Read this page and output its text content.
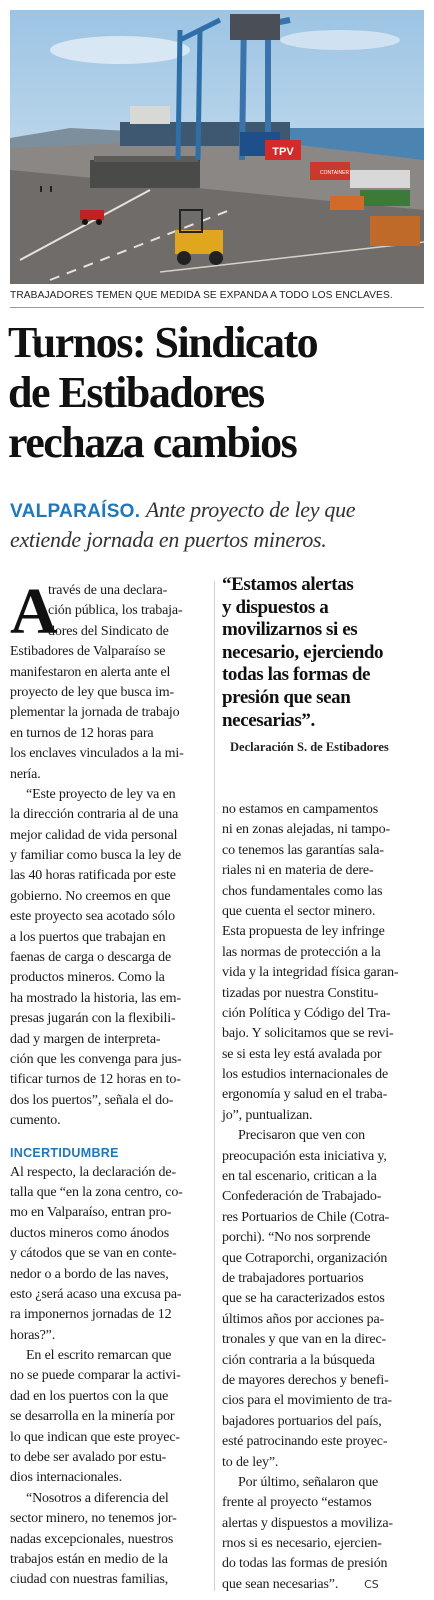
TPV
CONTAINER
TRABAJADORES TEMEN QUE MEDIDA SE EXPANDA A TODO LOS ENCLAVES.
Turnos: Sindicato
de Estibadores
rechaza cambios
VALPARAÍSO. Ante proyecto de ley que
extiende jornada en puertos mineros.
A
través de una declara-
ción pública, los trabaja-
dores del Sindicato de
Estibadores de Valparaíso se
manifestaron en alerta ante el
proyecto de ley que busca im-
plementar la jornada de trabajo
en turnos de 12 horas para
los enclaves vinculados a la mi-
nería.
“Este proyecto de ley va en
la dirección contraria al de una
mejor calidad de vida personal
y familiar como busca la ley de
las 40 horas ratificada por este
gobierno. No creemos en que
este proyecto sea acotado sólo
a los puertos que trabajan en
faenas de carga o descarga de
productos mineros. Como la
ha mostrado la historia, las em-
presas jugarán con la flexibili-
dad y margen de interpreta-
ción que les convenga para jus-
tificar turnos de 12 horas en to-
dos los puertos”, señala el do-
cumento.
INCERTIDUMBRE
Al respecto, la declaración de-
talla que “en la zona centro, co-
mo en Valparaíso, entran pro-
ductos mineros como ánodos
y cátodos que se van en conte-
nedor o a bordo de las naves,
esto ¿será acaso una excusa pa-
ra imponernos jornadas de 12
horas?”.
En el escrito remarcan que
no se puede comparar la activi-
dad en los puertos con la que
se desarrolla en la minería por
lo que indican que este proyec-
to debe ser avalado por estu-
dios internacionales.
“Nosotros a diferencia del
sector minero, no tenemos jor-
nadas excepcionales, nuestros
trabajos están en medio de la
ciudad con nuestras familias,
“Estamos alertas
y dispuestos a
movilizarnos si es
necesario, ejerciendo
todas las formas de
presión que sean
necesarias”.
Declaración S. de Estibadores
no estamos en campamentos
ni en zonas alejadas, ni tampo-
co tenemos las garantías sala-
riales ni en materia de dere-
chos fundamentales como las
que cuenta el sector minero.
Esta propuesta de ley infringe
las normas de protección a la
vida y la integridad física garan-
tizadas por nuestra Constitu-
ción Política y Código del Tra-
bajo. Y solicitamos que se revi-
se si esta ley está avalada por
los estudios internacionales de
ergonomía y salud en el traba-
jo”, puntualizan.
Precisaron que ven con
preocupación esta iniciativa y,
en tal escenario, critican a la
Confederación de Trabajado-
res Portuarios de Chile (Cotra-
porchi). “No nos sorprende
que Cotraporchi, organización
de trabajadores portuarios
que se ha caracterizados estos
últimos años por acciones pa-
tronales y que van en la direc-
ción contraria a la búsqueda
de mayores derechos y benefi-
cios para el movimiento de tra-
bajadores portuarios del país,
esté patrocinando este proyec-
to de ley”.
Por último, señalaron que
frente al proyecto “estamos
alertas y dispuestos a moviliza-
rnos si es necesario, ejercien-
do todas las formas de presión
que sean necesarias”. CS
